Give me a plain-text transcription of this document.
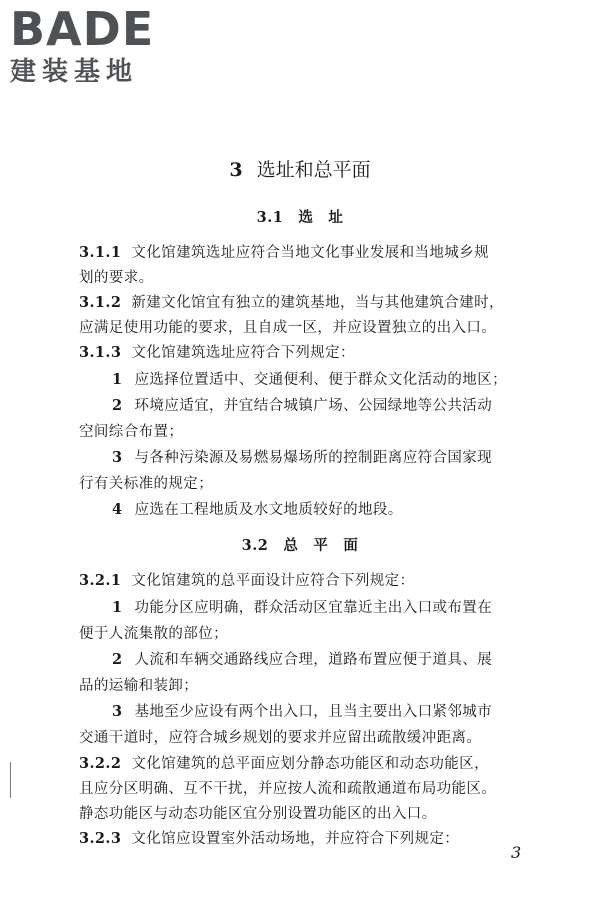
BADE
建装基地
3 选址和总平面
3.1　 选　址
3.1.1 文化馆建筑选址应符合当地文化事业发展和当地城乡规
划的要求。
3.1.2 新建文化馆宜有独立的建筑基地，当与其他建筑合建时，
应满足使用功能的要求，且自成一区，并应设置独立的出入口。
3.1.3 文化馆建筑选址应符合下列规定：
1 应选择位置适中、交通便利、便于群众文化活动的地区；
2 环境应适宜，并宜结合城镇广场、公园绿地等公共活动
空间综合布置；
3 与各种污染源及易燃易爆场所的控制距离应符合国家现
行有关标准的规定；
4 应选在工程地质及水文地质较好的地段。
3.2　 总　平　面
3.2.1 文化馆建筑的总平面设计应符合下列规定：
1 功能分区应明确，群众活动区宜靠近主出入口或布置在
便于人流集散的部位；
2 人流和车辆交通路线应合理，道路布置应便于道具、展
品的运输和装卸；
3 基地至少应设有两个出入口，且当主要出入口紧邻城市
交通干道时，应符合城乡规划的要求并应留出疏散缓冲距离。
3.2.2 文化馆建筑的总平面应划分静态功能区和动态功能区，
且应分区明确、互不干扰，并应按人流和疏散通道布局功能区。
静态功能区与动态功能区宜分别设置功能区的出入口。
3.2.3 文化馆应设置室外活动场地，并应符合下列规定：
3
